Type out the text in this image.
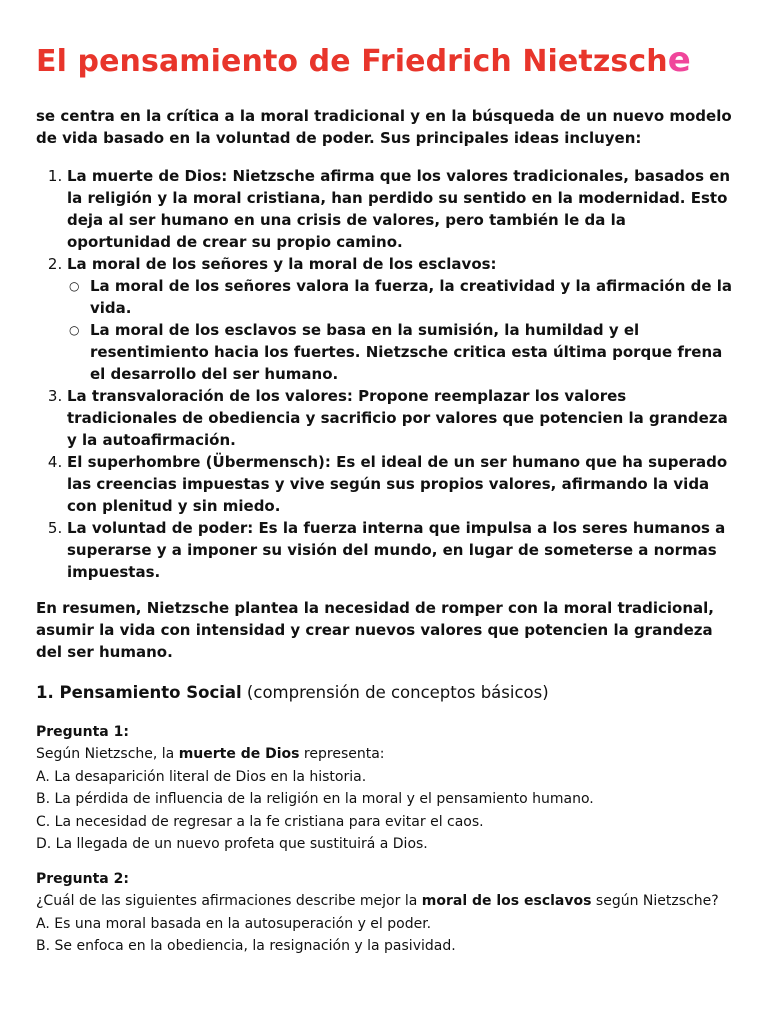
El pensamiento de Friedrich Nietzsche

se centra en la crítica a la moral tradicional y en la búsqueda de un nuevo modelo de vida basado en la voluntad de poder. Sus principales ideas incluyen:

1. La muerte de Dios: Nietzsche afirma que los valores tradicionales, basados en la religión y la moral cristiana, han perdido su sentido en la modernidad. Esto deja al ser humano en una crisis de valores, pero también le da la oportunidad de crear su propio camino.
2. La moral de los señores y la moral de los esclavos:
○ La moral de los señores valora la fuerza, la creatividad y la afirmación de la vida.
○ La moral de los esclavos se basa en la sumisión, la humildad y el resentimiento hacia los fuertes. Nietzsche critica esta última porque frena el desarrollo del ser humano.
3. La transvaloración de los valores: Propone reemplazar los valores tradicionales de obediencia y sacrificio por valores que potencien la grandeza y la autoafirmación.
4. El superhombre (Übermensch): Es el ideal de un ser humano que ha superado las creencias impuestas y vive según sus propios valores, afirmando la vida con plenitud y sin miedo.
5. La voluntad de poder: Es la fuerza interna que impulsa a los seres humanos a superarse y a imponer su visión del mundo, en lugar de someterse a normas impuestas.

En resumen, Nietzsche plantea la necesidad de romper con la moral tradicional, asumir la vida con intensidad y crear nuevos valores que potencien la grandeza del ser humano.

1. Pensamiento Social (comprensión de conceptos básicos)
Pregunta 1:
Según Nietzsche, la muerte de Dios representa:
A. La desaparición literal de Dios en la historia.
B. La pérdida de influencia de la religión en la moral y el pensamiento humano.
C. La necesidad de regresar a la fe cristiana para evitar el caos.
D. La llegada de un nuevo profeta que sustituirá a Dios.
Pregunta 2:
¿Cuál de las siguientes afirmaciones describe mejor la moral de los esclavos según Nietzsche?
A. Es una moral basada en la autosuperación y el poder.
B. Se enfoca en la obediencia, la resignación y la pasividad.
